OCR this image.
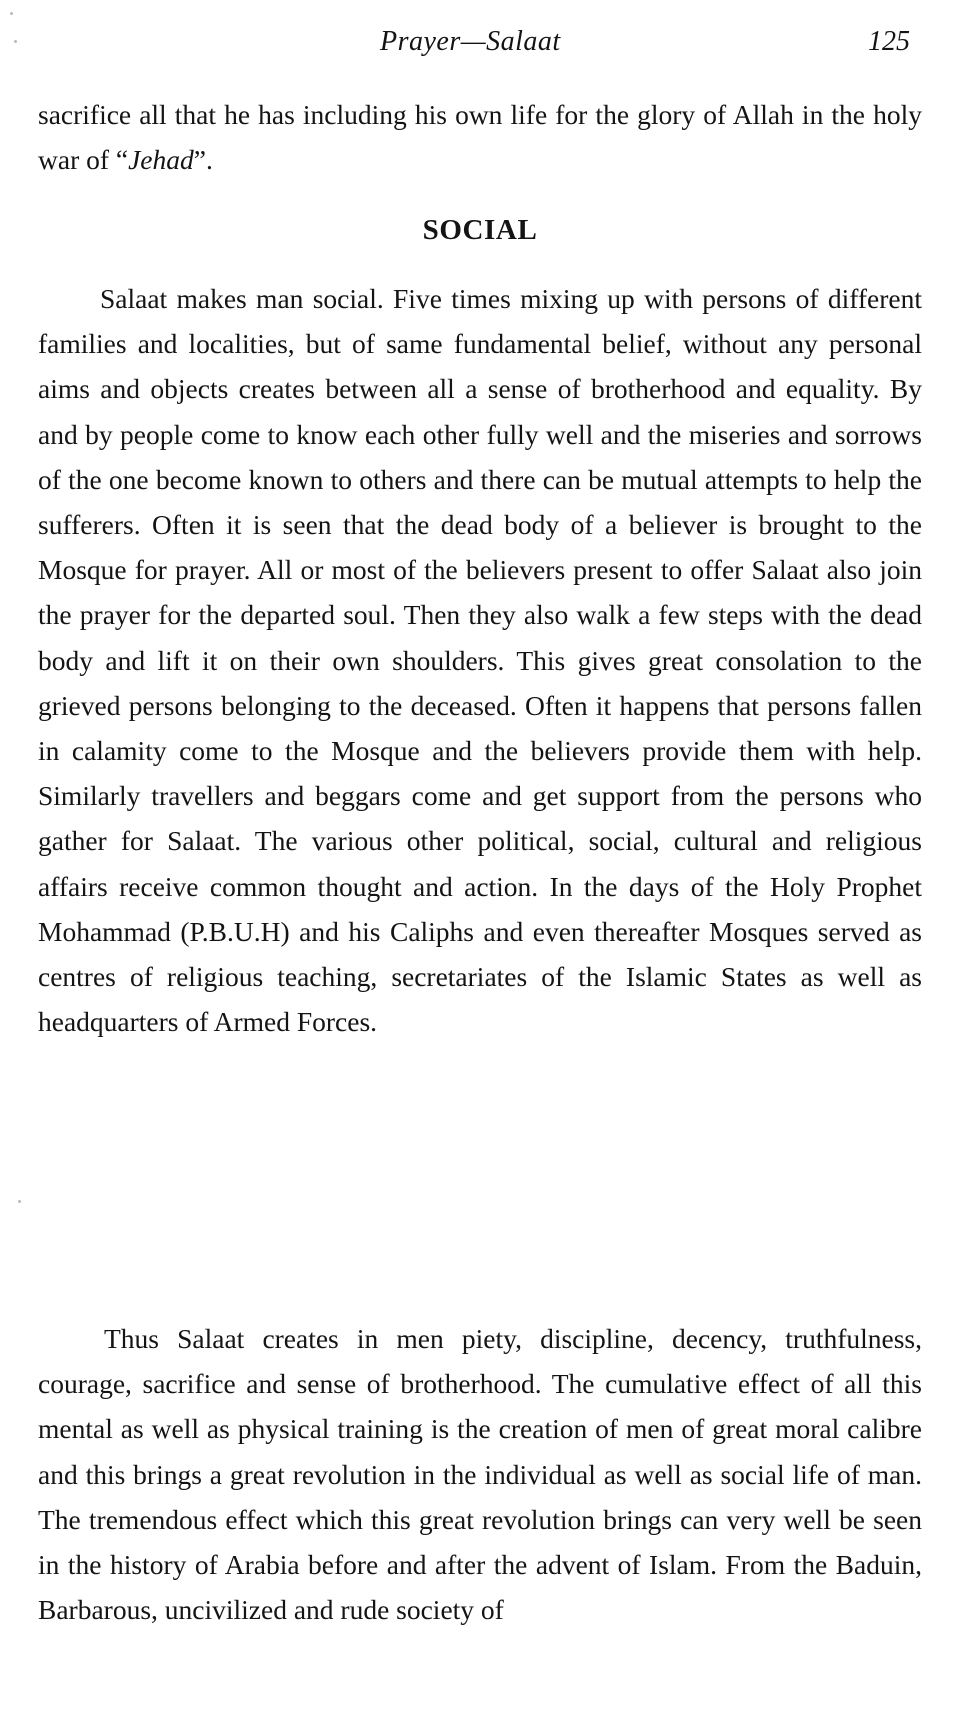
Prayer—Salaat	125

sacrifice all that he has including his own life for the glory of Allah in the holy war of “Jehad”.

SOCIAL

Salaat makes man social. Five times mixing up with persons of different families and localities, but of same fundamental belief, without any personal aims and objects creates between all a sense of brotherhood and equality. By and by people come to know each other fully well and the miseries and sorrows of the one become known to others and there can be mutual attempts to help the sufferers. Often it is seen that the dead body of a believer is brought to the Mosque for prayer. All or most of the believers present to offer Salaat also join the prayer for the departed soul. Then they also walk a few steps with the dead body and lift it on their own shoulders. This gives great consolation to the grieved persons belonging to the deceased. Often it happens that persons fallen in calamity come to the Mosque and the believers provide them with help. Similarly travellers and beggars come and get support from the persons who gather for Salaat. The various other political, social, cultural and religious affairs receive common thought and action. In the days of the Holy Prophet Mohammad (P.B.U.H) and his Caliphs and even thereafter Mosques served as centres of religious teaching, secretariates of the Islamic States as well as headquarters of Armed Forces.

Thus Salaat creates in men piety, discipline, decency, truthfulness, courage, sacrifice and sense of brotherhood. The cumulative effect of all this mental as well as physical training is the creation of men of great moral calibre and this brings a great revolution in the individual as well as social life of man. The tremendous effect which this great revolution brings can very well be seen in the history of Arabia before and after the advent of Islam. From the Baduin, Barbarous, uncivilized and rude society of
